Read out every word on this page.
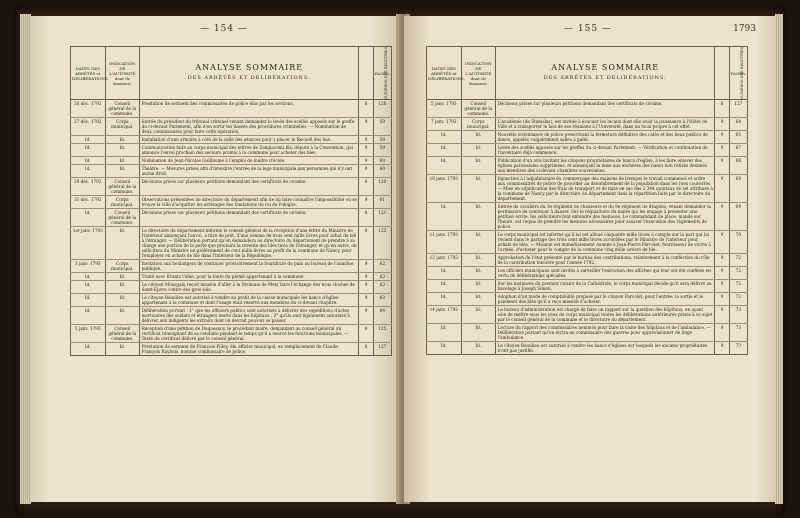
— 154 —
DATES DES ARRÊTÉS et DÉLIBÉRATIONS.	INDICATION DE L'AUTORITÉ dont ils émanent.	ANALYSE SOMMAIRE
DES ARRÊTÉS ET DÉLIBÉRATIONS.	NUMÉROS DES REGISTRES	PAGES.
26 déc. 1792	Conseil général de la commune.	Prestation de serment des commissaires de police élus par les sections.	8	120
27 déc. 1792	Corps municipal.	Entrée du président du tribunal criminel venant demander la levée des scellés apposés sur le greffe du ci-devant Parlement, afin d'en sortir les liasses des procédures criminelles. — Nomination de deux commissaires pour faire cette opération.	9	59
Id.	Id.	Installation d'une armoire à côté de la salle des séances pour y placer le Recueil des lois.	9	59
Id.	Id.	Communication faite au corps municipal des lettres de Zangiacomi fils, député à la Convention, qui annonce l'envoi prochain des secours promis à la commune pour acheter des blés.	9	59
Id.	Id.	Nomination de Jean-Nicolas Guillaume à l'emploi de maître d'école.	9	60
Id.	Id.	Théâtre. — Mesures prises afin d'interdire l'entrée de la loge municipale aux personnes qui n'y ont aucun droit.	9	60
29 déc. 1792	Conseil général de la commune.	Décisions prises sur plusieurs pétitions demandant des certificats de civisme.	8	120
31 déc. 1792	Corps municipal.	Observations présentées au directoire du département afin de lui faire connaître l'impossibilité où se trouve la ville d'acquitter les arrérages des fondations du roi de Pologne.	9	61
Id.	Conseil général de la commune.	Décisions prises sur plusieurs pétitions demandant des certificats de civisme.	8	121
1er janv. 1793	Id.	Le directoire du département informe le conseil général de la réception d'une lettre du Ministre de l'intérieur annonçant l'envoi, à titre de prêt, d'une somme de trois cent mille livres pour achat de blé à l'étranger. — Délibération portant qu'on demandera au directoire du département de prendre à sa charge une portion de la perte que produira la revente des blés tirés de l'étranger, et qu'en outre, on sollicitera du Ministre un prélèvement de cent mille livres au profit de la commune de Nancy, pour l'employer en achats de blé dans l'intérieur de la République.	8	122
3 janv. 1793	Corps municipal.	Invitation aux boulangers de continuer provisoirement la fourniture du pain au bureau de l'aumône publique.	9	62
Id.	Id.	Traité avec Krantz l'aîné, pour la fonte du plomb appartenant à la commune.	9	63
Id.	Id.	Le citoyen Mourgaix reçoit mission d'aller à la Monnaie de Metz faire l'échange des trois cloches de Saint-Epvre contre des gros sols.	9	63
Id.	Id.	Le citoyen Beaulieu est autorisé à vendre au profit de la caisse municipale les bancs d'église appartenant à la commune et dont l'usage était réservé aux membres du ci-devant chapitre.	9	63
Id.	Id.	Délibération portant : 1° que les officiers publics sont autorisés à délivrer des expéditions d'actes mortuaires des soldats et étrangers morts dans les hôpitaux ; 2° qu'ils sont également autorisés à délivrer aux indigents les extraits dont on devrait pouvoir se passer.	9	64
5 janv. 1793	Conseil général de la commune.	Réception d'une pétition de Duquesnoy, le procédant maire, demandant au conseil général un certificat témoignant de sa conduite pendant le temps qu'il a exercé les fonctions municipales. — Texte du certificat délivré par le conseil général.	8	125
Id.	Id.	Prestation de serment de François Pilley, élu officier municipal, en remplacement de Claude-François Raybois, nommé commissaire de police.	8	127
— 155 —	1793
DATES DES ARRÊTÉS et DÉLIBÉRATIONS.	INDICATION DE L'AUTORITÉ dont ils émanent.	ANALYSE SOMMAIRE
DES ARRÊTÉS ET DÉLIBÉRATIONS.	NUMÉROS DES REGISTRES	PAGES.
5 janv. 1793	Conseil général de la commune.	Décisions prises sur plusieurs pétitions demandant des certificats de civisme.	8	127
7 janv. 1793	Corps municipal.	L'académie (de Stanislas), est invitée à évacuer les locaux dont elle avait la jouissance à l'Hôtel de Ville et à transporter le lieu de ses réunions à l'Université, dans un local propre à cet effet.	9	64
Id.	Id.	Nouvelle ordonnance de police prescrivant la fermeture définitive des cafés et des lieux publics de danse, appelés vulgairement salles à gaîté.	9	65
Id.	Id.	Levée des scellés apposés sur les greffes du ci-devant Parlement. — Vérification et continuation de l'inventaire déjà commencé.	9	67
Id.	Id.	Publication d'un avis invitant les citoyens propriétaires de bancs d'église, à les faire enlever des églises paroissiales supprimées, et annonçant la mise aux enchères des bancs non retirés destinés aux membres des ci-devant chambres souveraines.	9	68
10 janv. 1793	Id.	Injonction à l'adjudicataire du commerçage des maisons de tremper le travail commencé et ordre aux commissaires de police de procéder au dénombrement de la population dans les rues couvertes. — Mise en adjudication des frais de transport et de mise en sac des 2,344 quintaux de sel attribués à la commune de Nancy par le directoire du département dans la répartition faite par le directoire du département.	9	69
Id.	Id.	Entrée de cavaliers du 3e régiment de chasseurs et du 9e régiment de dragons, venant demander la permission de continuer à danser. Sur le réquisitoire du maire qui les engage à présenter une pétition écrite, les solliciteurs font entendre des menaces. Le commandant de place, mandé sur l'heure, est requis de prendre les mesures nécessaires pour assurer l'exécution des règlements de police.	9	69
11 janv. 1793	Id.	Le corps municipal est informé qu'il lui est alloué cinquante mille livres à compte sur la part qui lui revient dans le partage des trois cent mille livres accordées par le Ministre de l'intérieur pour achats de blés. — Mission est immédiatement donnée à Jean-Pierre Parcolet, fournisseur de vivres à l'armée, d'acheter pour le compte de la commune cinq mille setiers de blé.	9	70
12 janv. 1793	Id.	Approbation de l'état présenté par le bureau des contributions, relativement à la confection du rôle de la contribution foncière pour l'année 1792.	9	72
Id.	Id.	Les officiers municipaux sont invités à surveiller l'exécution des affiches qui leur ont été confiées en vertu de délibérations spéciales.	9	72
Id.	Id.	Sur les instances du premier vicaire de la Cathédrale, le corps municipal décide qu'il sera délivré au bacelage à Joseph Simon.	9	72
Id.	Id.	Adoption d'un mode de comptabilité proposé par le citoyen Parcolet, pour l'entrée, la sortie et le paiement des blés qu'il a reçu mission d'acheter.	9	72
14 janv. 1793	Id.	Le bureau d'administration est chargé de faire un rapport sur la question des hôpitaux, en ayant soin de mettre sous les yeux du corps municipal toutes les délibérations antérieures prises à ce sujet par le conseil général de la commune et le directoire du département.	9	73
Id.	Id.	Lecture du rapport des commissaires nommés pour faire la visite des hôpitaux et de l'ambulance. — Délibération portant qu'on écrira au commissaire des guerres pour approvisionner de linge l'ambulance.	9	73
Id.	Id.	Le citoyen Beaulieu est autorisé à vendre les bancs d'églises sur lesquels les anciens propriétaires n'ont pas justifié.	9	73
